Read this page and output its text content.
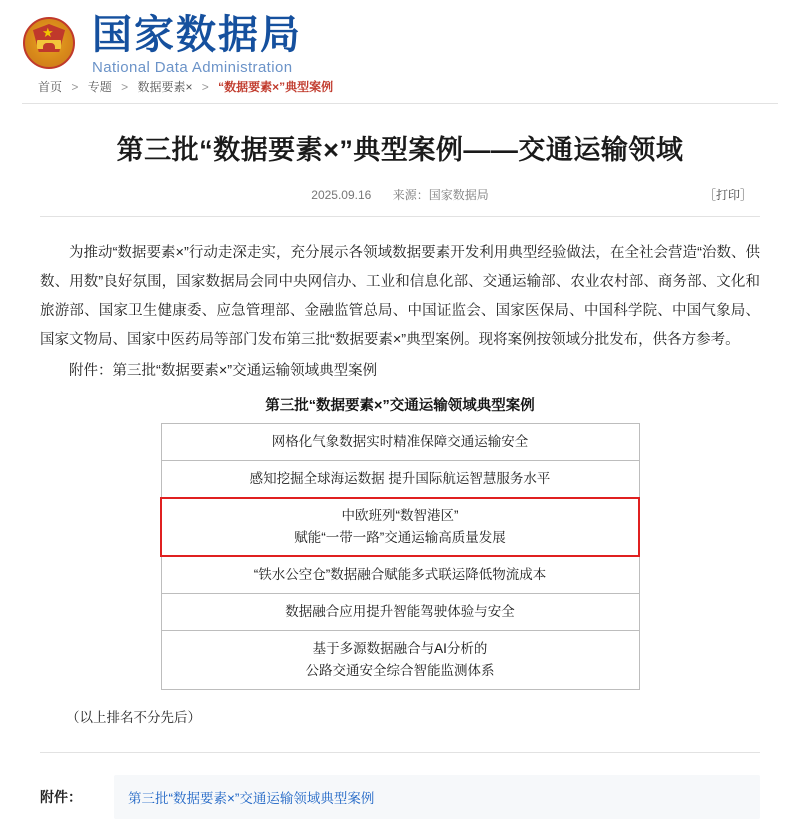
★ 国家数据局
National Data Administration
首页 > 专题 > 数据要素× > “数据要素×”典型案例
第三批“数据要素×”典型案例——交通运输领域
2025.09.16 来源：国家数据局	［打印］

为推动“数据要素×”行动走深走实，充分展示各领域数据要素开发利用典型经验做法，在全社会营造“治数、供数、用数”良好氛围，国家数据局会同中央网信办、工业和信息化部、交通运输部、农业农村部、商务部、文化和旅游部、国家卫生健康委、应急管理部、金融监管总局、中国证监会、国家医保局、中国科学院、中国气象局、国家文物局、国家中医药局等部门发布第三批“数据要素×”典型案例。现将案例按领域分批发布，供各方参考。

附件：第三批“数据要素×”交通运输领域典型案例
第三批“数据要素×”交通运输领域典型案例
网格化气象数据实时精准保障交通运输安全
感知挖掘全球海运数据 提升国际航运智慧服务水平

中欧班列“数智港区”
赋能“一带一路”交通运输高质量发展

“铁水公空仓”数据融合赋能多式联运降低物流成本
数据融合应用提升智能驾驶体验与安全

基于多源数据融合与AI分析的
公路交通安全综合智能监测体系
（以上排名不分先后）
附件：	第三批“数据要素×”交通运输领域典型案例
